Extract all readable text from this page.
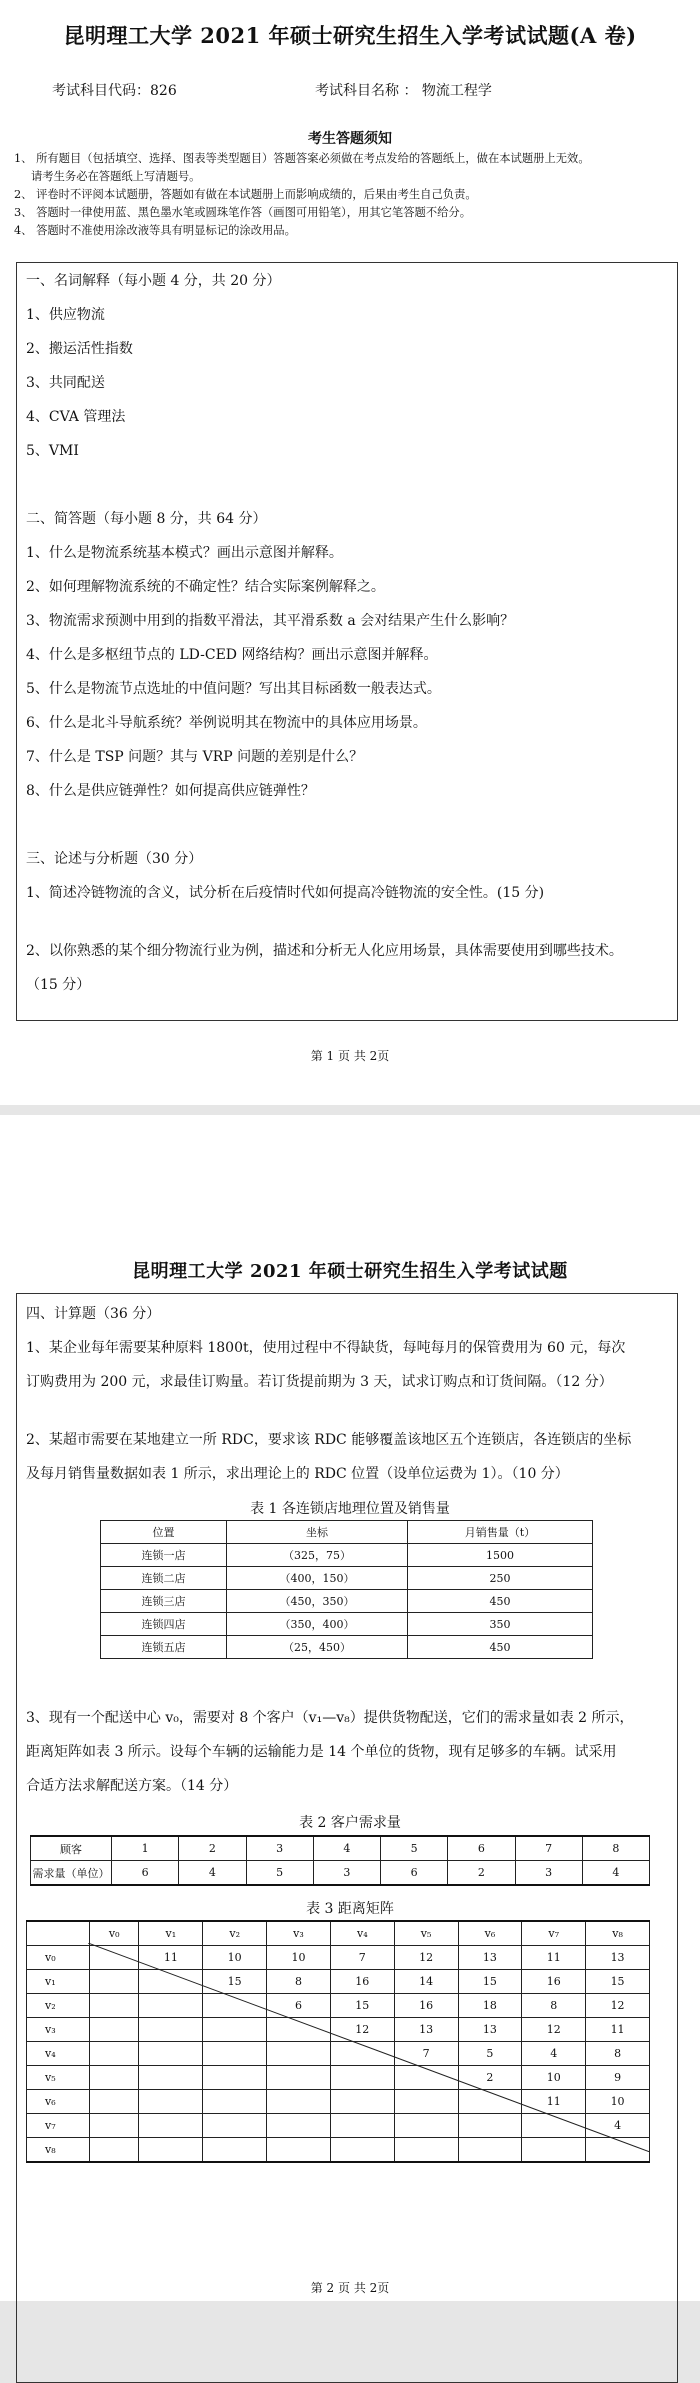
昆明理工大学 2021 年硕士研究生招生入学考试试题(A 卷)
考试科目代码：826	考试科目名称 ： 物流工程学
考生答题须知
1、 所有题目（包括填空、选择、图表等类型题目）答题答案必须做在考点发给的答题纸上，做在本试题册上无效。
请考生务必在答题纸上写清题号。
2、 评卷时不评阅本试题册，答题如有做在本试题册上而影响成绩的，后果由考生自己负责。
3、 答题时一律使用蓝、黑色墨水笔或圆珠笔作答（画图可用铅笔），用其它笔答题不给分。
4、 答题时不准使用涂改液等具有明显标记的涂改用品。
一、名词解释（每小题 4 分，共 20 分）
1、供应物流
2、搬运活性指数
3、共同配送
4、CVA 管理法
5、VMI
二、简答题（每小题 8 分，共 64 分）
1、什么是物流系统基本模式？画出示意图并解释。
2、如何理解物流系统的不确定性？结合实际案例解释之。
3、物流需求预测中用到的指数平滑法，其平滑系数 a 会对结果产生什么影响？
4、什么是多枢纽节点的 LD-CED 网络结构？画出示意图并解释。
5、什么是物流节点选址的中值问题？写出其目标函数一般表达式。
6、什么是北斗导航系统？举例说明其在物流中的具体应用场景。
7、什么是 TSP 问题？其与 VRP 问题的差别是什么？
8、什么是供应链弹性？如何提高供应链弹性？
三、论述与分析题（30 分）
1、简述冷链物流的含义，试分析在后疫情时代如何提高冷链物流的安全性。(15 分)
2、以你熟悉的某个细分物流行业为例，描述和分析无人化应用场景，具体需要使用到哪些技术。
（15 分）
第 1 页 共 2页
昆明理工大学 2021 年硕士研究生招生入学考试试题
四、计算题（36 分）
1、某企业每年需要某种原料 1800t，使用过程中不得缺货，每吨每月的保管费用为 60 元，每次
订购费用为 200 元，求最佳订购量。若订货提前期为 3 天，试求订购点和订货间隔。（12 分）
2、某超市需要在某地建立一所 RDC，要求该 RDC 能够覆盖该地区五个连锁店，各连锁店的坐标
及每月销售量数据如表 1 所示，求出理论上的 RDC 位置（设单位运费为 1）。（10 分）
表 1 各连锁店地理位置及销售量
位置	坐标	月销售量（t）
连锁一店	（325，75）	1500
连锁二店	（400，150）	250
连锁三店	（450，350）	450
连锁四店	（350，400）	350
连锁五店	（25，450）	450
3、现有一个配送中心 v₀，需要对 8 个客户（v₁—v₈）提供货物配送，它们的需求量如表 2 所示，
距离矩阵如表 3 所示。设每个车辆的运输能力是 14 个单位的货物，现有足够多的车辆。试采用
合适方法求解配送方案。（14 分）
表 2 客户需求量
顾客	1	2	3	4	5	6	7	8
需求量（单位）	6	4	5	3	6	2	3	4
表 3 距离矩阵
	v₀	v₁	v₂	v₃	v₄	v₅	v₆	v₇	v₈
v₀		11	10	10	7	12	13	11	13
v₁			15	8	16	14	15	16	15
v₂				6	15	16	18	8	12
v₃					12	13	13	12	11
v₄						7	5	4	8
v₅							2	10	9
v₆								11	10
v₇									4
v₈									
第 2 页 共 2页
